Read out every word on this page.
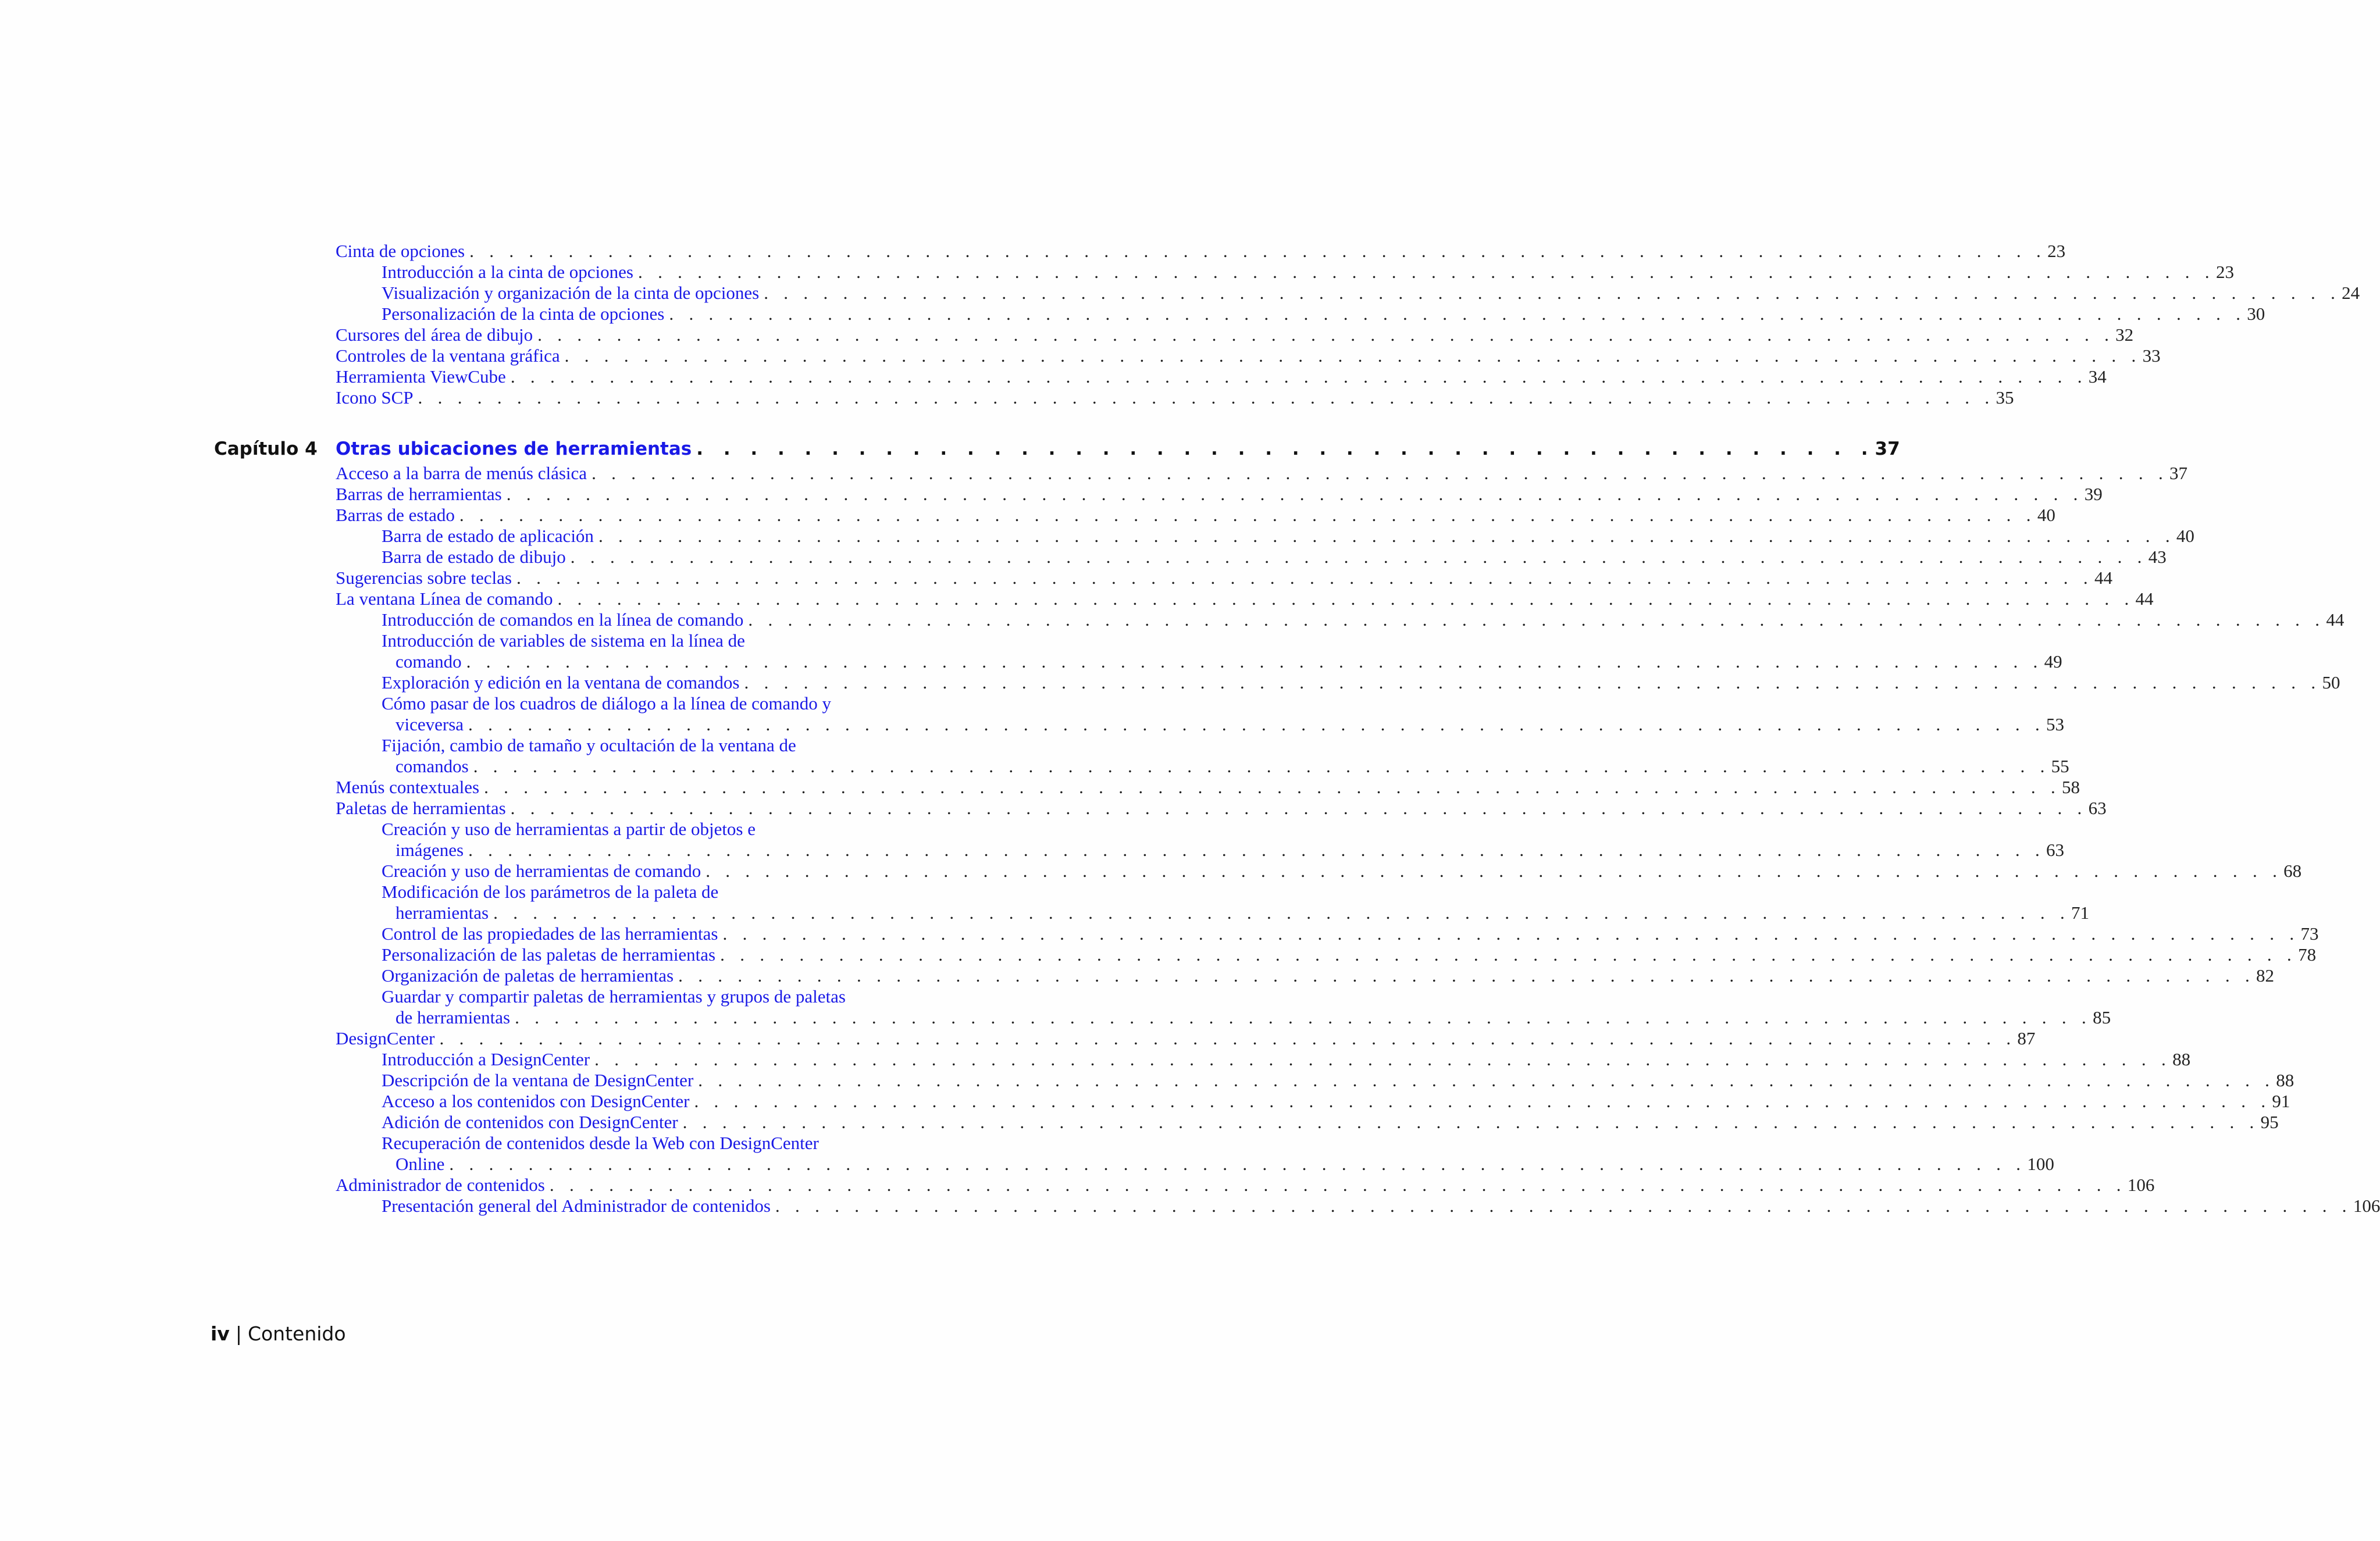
Cinta de opciones . . . . . . . . . . . . . . . . . . . . . . . . . . . . . . . . . . . . . . . . . . . . . . . . . . . . . . . . . . . . . . . . . . . . . . . . . . . . . . . . 23
Introducción a la cinta de opciones . . . . . . . . . . . . . . . . . . . . . . . . . . . . . . . . . . . . . . . . . . . . . . . . . . . . . . . . . . . . . . . . . . . . . . . . . . . . . . . . 23
Visualización y organización de la cinta de opciones . . . . . . . . . . . . . . . . . . . . . . . . . . . . . . . . . . . . . . . . . . . . . . . . . . . . . . . . . . . . . . . . . . . . . . . . . . . . . . . . 24
Personalización de la cinta de opciones . . . . . . . . . . . . . . . . . . . . . . . . . . . . . . . . . . . . . . . . . . . . . . . . . . . . . . . . . . . . . . . . . . . . . . . . . . . . . . . . 30
Cursores del área de dibujo . . . . . . . . . . . . . . . . . . . . . . . . . . . . . . . . . . . . . . . . . . . . . . . . . . . . . . . . . . . . . . . . . . . . . . . . . . . . . . . . 32
Controles de la ventana gráfica . . . . . . . . . . . . . . . . . . . . . . . . . . . . . . . . . . . . . . . . . . . . . . . . . . . . . . . . . . . . . . . . . . . . . . . . . . . . . . . . 33
Herramienta ViewCube . . . . . . . . . . . . . . . . . . . . . . . . . . . . . . . . . . . . . . . . . . . . . . . . . . . . . . . . . . . . . . . . . . . . . . . . . . . . . . . . 34
Icono SCP . . . . . . . . . . . . . . . . . . . . . . . . . . . . . . . . . . . . . . . . . . . . . . . . . . . . . . . . . . . . . . . . . . . . . . . . . . . . . . . . 35
Capítulo 4 Otras ubicaciones de herramientas . . . . . . . . . . . . . . . . . . . . . . . . . . . . . . . . . . . . . . . . . . . . 37
Acceso a la barra de menús clásica . . . . . . . . . . . . . . . . . . . . . . . . . . . . . . . . . . . . . . . . . . . . . . . . . . . . . . . . . . . . . . . . . . . . . . . . . . . . . . . . 37
Barras de herramientas . . . . . . . . . . . . . . . . . . . . . . . . . . . . . . . . . . . . . . . . . . . . . . . . . . . . . . . . . . . . . . . . . . . . . . . . . . . . . . . . 39
Barras de estado . . . . . . . . . . . . . . . . . . . . . . . . . . . . . . . . . . . . . . . . . . . . . . . . . . . . . . . . . . . . . . . . . . . . . . . . . . . . . . . . 40
Barra de estado de aplicación . . . . . . . . . . . . . . . . . . . . . . . . . . . . . . . . . . . . . . . . . . . . . . . . . . . . . . . . . . . . . . . . . . . . . . . . . . . . . . . . 40
Barra de estado de dibujo . . . . . . . . . . . . . . . . . . . . . . . . . . . . . . . . . . . . . . . . . . . . . . . . . . . . . . . . . . . . . . . . . . . . . . . . . . . . . . . . 43
Sugerencias sobre teclas . . . . . . . . . . . . . . . . . . . . . . . . . . . . . . . . . . . . . . . . . . . . . . . . . . . . . . . . . . . . . . . . . . . . . . . . . . . . . . . . 44
La ventana Línea de comando . . . . . . . . . . . . . . . . . . . . . . . . . . . . . . . . . . . . . . . . . . . . . . . . . . . . . . . . . . . . . . . . . . . . . . . . . . . . . . . . 44
Introducción de comandos en la línea de comando . . . . . . . . . . . . . . . . . . . . . . . . . . . . . . . . . . . . . . . . . . . . . . . . . . . . . . . . . . . . . . . . . . . . . . . . . . . . . . . . 44
Introducción de variables de sistema en la línea de
comando . . . . . . . . . . . . . . . . . . . . . . . . . . . . . . . . . . . . . . . . . . . . . . . . . . . . . . . . . . . . . . . . . . . . . . . . . . . . . . . . 49
Exploración y edición en la ventana de comandos . . . . . . . . . . . . . . . . . . . . . . . . . . . . . . . . . . . . . . . . . . . . . . . . . . . . . . . . . . . . . . . . . . . . . . . . . . . . . . . . 50
Cómo pasar de los cuadros de diálogo a la línea de comando y
viceversa . . . . . . . . . . . . . . . . . . . . . . . . . . . . . . . . . . . . . . . . . . . . . . . . . . . . . . . . . . . . . . . . . . . . . . . . . . . . . . . . 53
Fijación, cambio de tamaño y ocultación de la ventana de
comandos . . . . . . . . . . . . . . . . . . . . . . . . . . . . . . . . . . . . . . . . . . . . . . . . . . . . . . . . . . . . . . . . . . . . . . . . . . . . . . . . 55
Menús contextuales . . . . . . . . . . . . . . . . . . . . . . . . . . . . . . . . . . . . . . . . . . . . . . . . . . . . . . . . . . . . . . . . . . . . . . . . . . . . . . . . 58
Paletas de herramientas . . . . . . . . . . . . . . . . . . . . . . . . . . . . . . . . . . . . . . . . . . . . . . . . . . . . . . . . . . . . . . . . . . . . . . . . . . . . . . . . 63
Creación y uso de herramientas a partir de objetos e
imágenes . . . . . . . . . . . . . . . . . . . . . . . . . . . . . . . . . . . . . . . . . . . . . . . . . . . . . . . . . . . . . . . . . . . . . . . . . . . . . . . . 63
Creación y uso de herramientas de comando . . . . . . . . . . . . . . . . . . . . . . . . . . . . . . . . . . . . . . . . . . . . . . . . . . . . . . . . . . . . . . . . . . . . . . . . . . . . . . . . 68
Modificación de los parámetros de la paleta de
herramientas . . . . . . . . . . . . . . . . . . . . . . . . . . . . . . . . . . . . . . . . . . . . . . . . . . . . . . . . . . . . . . . . . . . . . . . . . . . . . . . . 71
Control de las propiedades de las herramientas . . . . . . . . . . . . . . . . . . . . . . . . . . . . . . . . . . . . . . . . . . . . . . . . . . . . . . . . . . . . . . . . . . . . . . . . . . . . . . . . 73
Personalización de las paletas de herramientas . . . . . . . . . . . . . . . . . . . . . . . . . . . . . . . . . . . . . . . . . . . . . . . . . . . . . . . . . . . . . . . . . . . . . . . . . . . . . . . . 78
Organización de paletas de herramientas . . . . . . . . . . . . . . . . . . . . . . . . . . . . . . . . . . . . . . . . . . . . . . . . . . . . . . . . . . . . . . . . . . . . . . . . . . . . . . . . 82
Guardar y compartir paletas de herramientas y grupos de paletas
de herramientas . . . . . . . . . . . . . . . . . . . . . . . . . . . . . . . . . . . . . . . . . . . . . . . . . . . . . . . . . . . . . . . . . . . . . . . . . . . . . . . . 85
DesignCenter . . . . . . . . . . . . . . . . . . . . . . . . . . . . . . . . . . . . . . . . . . . . . . . . . . . . . . . . . . . . . . . . . . . . . . . . . . . . . . . . 87
Introducción a DesignCenter . . . . . . . . . . . . . . . . . . . . . . . . . . . . . . . . . . . . . . . . . . . . . . . . . . . . . . . . . . . . . . . . . . . . . . . . . . . . . . . . 88
Descripción de la ventana de DesignCenter . . . . . . . . . . . . . . . . . . . . . . . . . . . . . . . . . . . . . . . . . . . . . . . . . . . . . . . . . . . . . . . . . . . . . . . . . . . . . . . . 88
Acceso a los contenidos con DesignCenter . . . . . . . . . . . . . . . . . . . . . . . . . . . . . . . . . . . . . . . . . . . . . . . . . . . . . . . . . . . . . . . . . . . . . . . . . . . . . . . . 91
Adición de contenidos con DesignCenter . . . . . . . . . . . . . . . . . . . . . . . . . . . . . . . . . . . . . . . . . . . . . . . . . . . . . . . . . . . . . . . . . . . . . . . . . . . . . . . . 95
Recuperación de contenidos desde la Web con DesignCenter
Online . . . . . . . . . . . . . . . . . . . . . . . . . . . . . . . . . . . . . . . . . . . . . . . . . . . . . . . . . . . . . . . . . . . . . . . . . . . . . . . . 100
Administrador de contenidos . . . . . . . . . . . . . . . . . . . . . . . . . . . . . . . . . . . . . . . . . . . . . . . . . . . . . . . . . . . . . . . . . . . . . . . . . . . . . . . . 106
Presentación general del Administrador de contenidos . . . . . . . . . . . . . . . . . . . . . . . . . . . . . . . . . . . . . . . . . . . . . . . . . . . . . . . . . . . . . . . . . . . . . . . . . . . . . . . . 106
iv | Contenido
